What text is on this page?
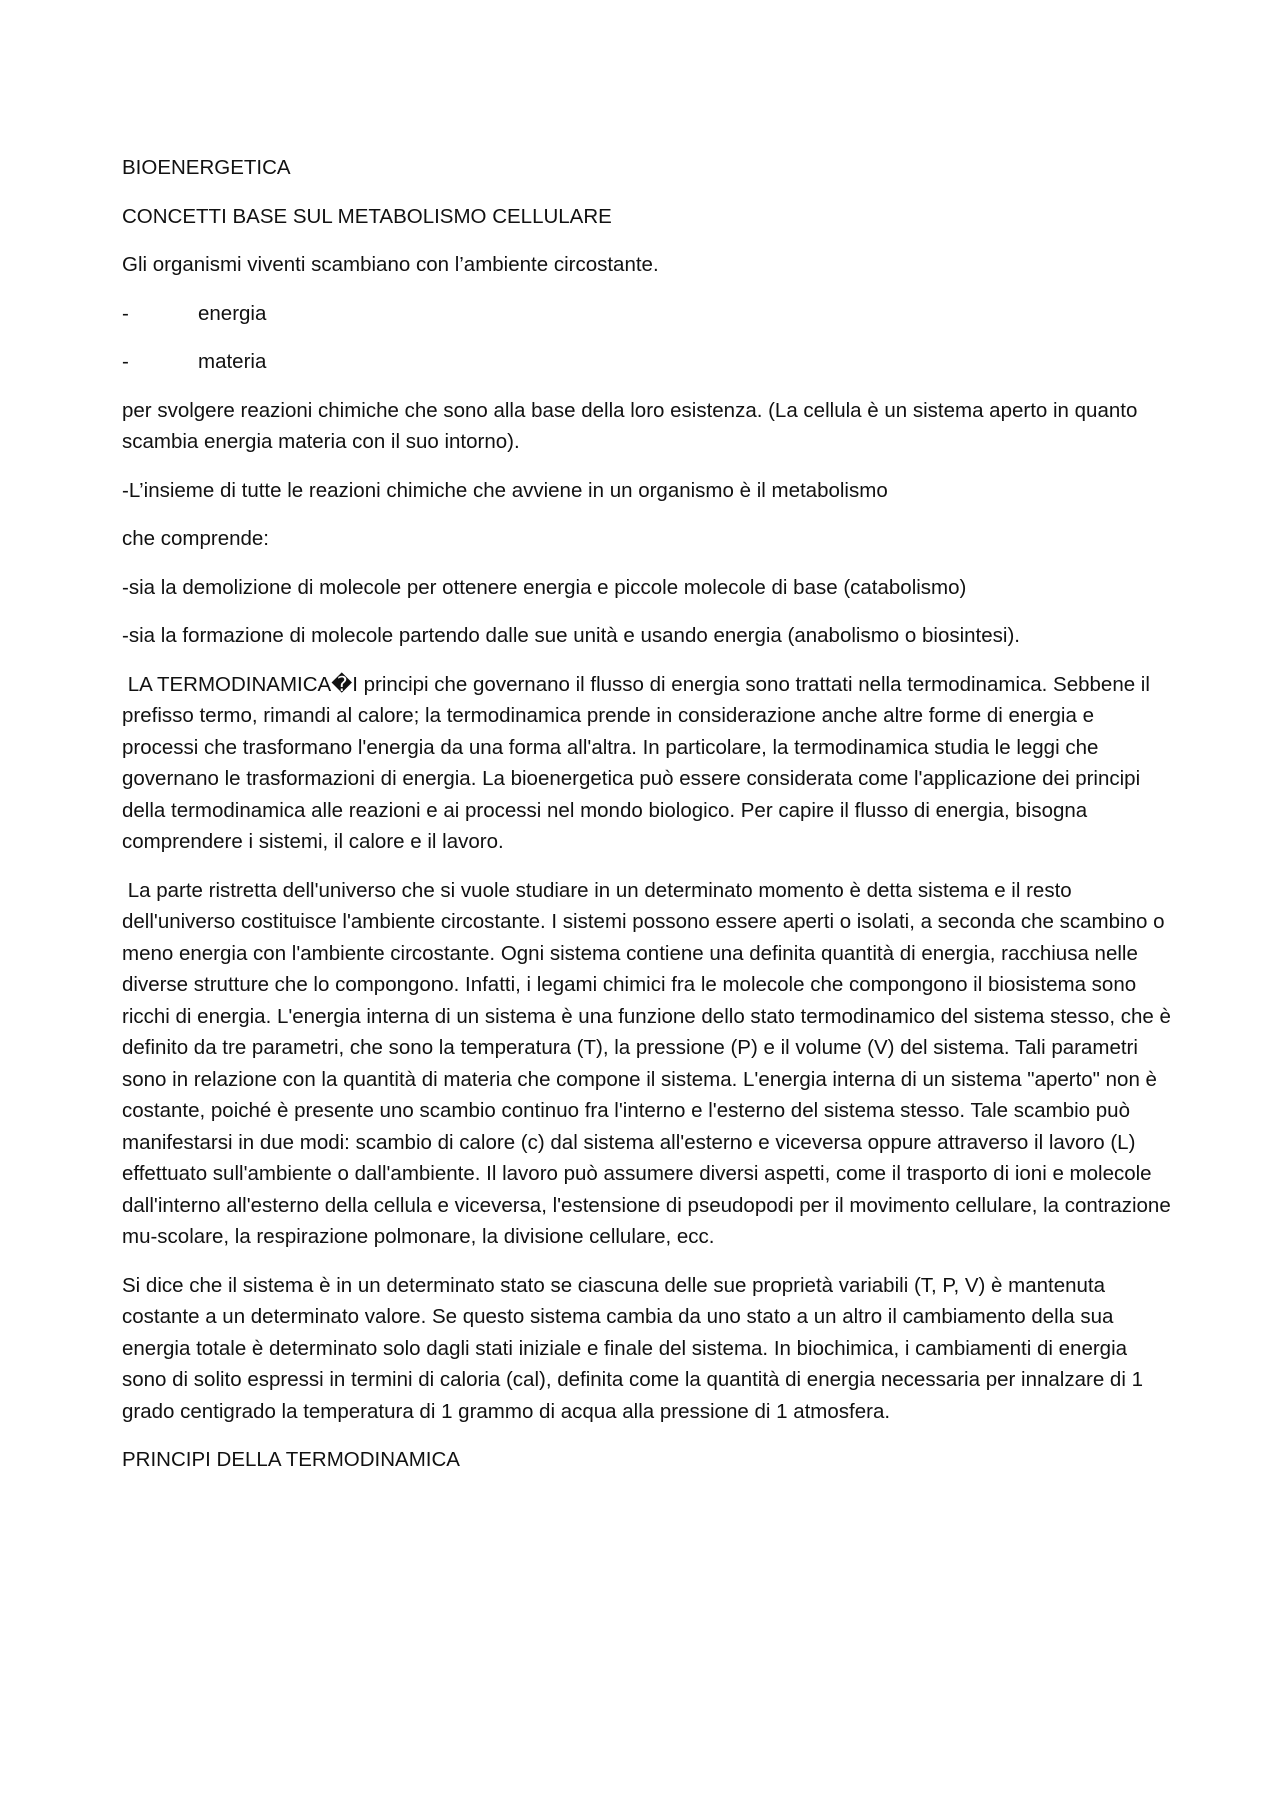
BIOENERGETICA

CONCETTI BASE SUL METABOLISMO CELLULARE

Gli organismi viventi scambiano con l’ambiente circostante.

-	energia
-	materia

per svolgere reazioni chimiche che sono alla base della loro esistenza. (La cellula è un sistema aperto in quanto scambia energia materia con il suo intorno).

-L’insieme di tutte le reazioni chimiche che avviene in un organismo è il metabolismo

che comprende:

-sia la demolizione di molecole per ottenere energia e piccole molecole di base (catabolismo)

-sia la formazione di molecole partendo dalle sue unità e usando energia (anabolismo o biosintesi).

LA TERMODINAMICA�I principi che governano il flusso di energia sono trattati nella termodinamica. Sebbene il prefisso termo, rimandi al calore; la termodinamica prende in considerazione anche altre forme di energia e processi che trasformano l'energia da una forma all'altra. In particolare, la termodinamica studia le leggi che governano le trasformazioni di energia. La bioenergetica può essere considerata come l'applicazione dei principi della termodinamica alle reazioni e ai processi nel mondo biologico. Per capire il flusso di energia, bisogna comprendere i sistemi, il calore e il lavoro.

La parte ristretta dell'universo che si vuole studiare in un determinato momento è detta sistema e il resto dell'universo costituisce l'ambiente circostante. I sistemi possono essere aperti o isolati, a seconda che scambino o meno energia con l'ambiente circostante. Ogni sistema contiene una definita quantità di energia, racchiusa nelle diverse strutture che lo compongono. Infatti, i legami chimici fra le molecole che compongono il biosistema sono ricchi di energia. L'energia interna di un sistema è una funzione dello stato termodinamico del sistema stesso, che è definito da tre parametri, che sono la temperatura (T), la pressione (P) e il volume (V) del sistema. Tali parametri sono in relazione con la quantità di materia che compone il sistema. L'energia interna di un sistema "aperto" non è costante, poiché è presente uno scambio continuo fra l'interno e l'esterno del sistema stesso. Tale scambio può manifestarsi in due modi: scambio di calore (c) dal sistema all'esterno e viceversa oppure attraverso il lavoro (L) effettuato sull'ambiente o dall'ambiente. Il lavoro può assumere diversi aspetti, come il trasporto di ioni e molecole dall'interno all'esterno della cellula e viceversa, l'estensione di pseudopodi per il movimento cellulare, la contrazione mu-scolare, la respirazione polmonare, la divisione cellulare, ecc.

Si dice che il sistema è in un determinato stato se ciascuna delle sue proprietà variabili (T, P, V) è mantenuta costante a un determinato valore. Se questo sistema cambia da uno stato a un altro il cambiamento della sua energia totale è determinato solo dagli stati iniziale e finale del sistema. In biochimica, i cambiamenti di energia sono di solito espressi in termini di caloria (cal), definita come la quantità di energia necessaria per innalzare di 1 grado centigrado la temperatura di 1 grammo di acqua alla pressione di 1 atmosfera.

PRINCIPI DELLA TERMODINAMICA
